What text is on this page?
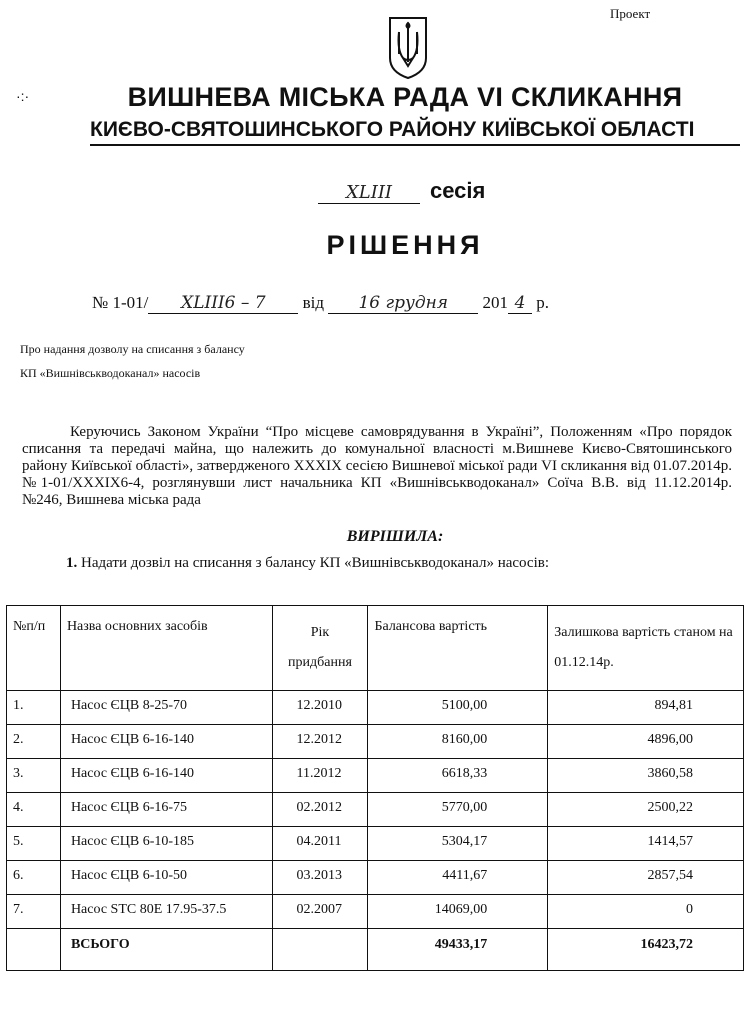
Проект
·:·	ВИШНЕВА МІСЬКА РАДА VI СКЛИКАННЯ
КИЄВО-СВЯТОШИНСЬКОГО РАЙОНУ КИЇВСЬКОЇ ОБЛАСТІ
XLIII сесія
РІШЕННЯ
№ 1-01/ XLIII6 – 7 від 16 грудня 201 4 р.
Про надання дозволу на списання з балансу
КП «Вишнівськводоканал» насосів
Керуючись Законом України “Про місцеве самоврядування в Україні”, Положенням «Про порядок списання та передачі майна, що належить до комунальної власності м.Вишневе Києво-Святошинського району Київської області», затвердженого XXXIX сесією Вишневої міської ради VI скликання від 01.07.2014р. №1-01/XXXIX6-4, розглянувши лист начальника КП «Вишнівськводоканал» Соїча В.В. від 11.12.2014р. №246, Вишнева міська рада
ВИРІШИЛА:
1. Надати дозвіл на списання з балансу КП «Вишнівськводоканал» насосів:
№п/п	Назва основних засобів	Рік придбання	Балансова вартість	Залишкова вартість станом на 01.12.14р.
1.	Насос ЄЦВ 8-25-70	12.2010	5100,00	894,81
2.	Насос ЄЦВ 6-16-140	12.2012	8160,00	4896,00
3.	Насос ЄЦВ 6-16-140	11.2012	6618,33	3860,58
4.	Насос ЄЦВ 6-16-75	02.2012	5770,00	2500,22
5.	Насос ЄЦВ 6-10-185	04.2011	5304,17	1414,57
6.	Насос ЄЦВ 6-10-50	03.2013	4411,67	2857,54
7.	Насос STC 80E 17.95-37.5	02.2007	14069,00	0
	ВСЬОГО		49433,17	16423,72
